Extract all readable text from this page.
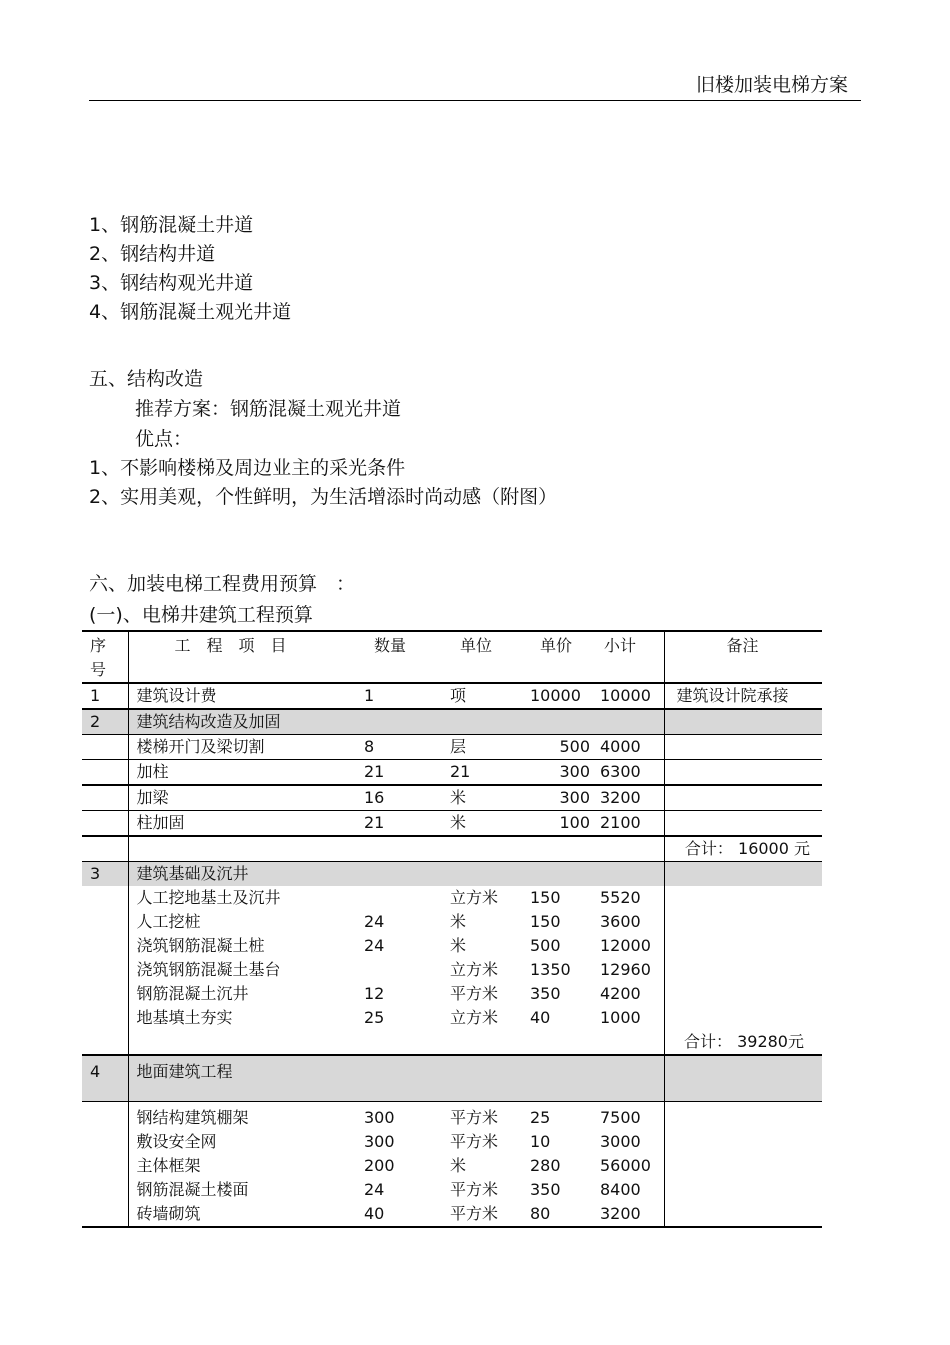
旧楼加装电梯方案
1、钢筋混凝土井道
2、钢结构井道
3、钢结构观光井道
4、钢筋混凝土观光井道
五、结构改造
推荐方案：钢筋混凝土观光井道
优点：
1、不影响楼梯及周边业主的采光条件
2、实用美观，个性鲜明，为生活增添时尚动感（附图）
六、加装电梯工程费用预算　：
(一)、电梯井建筑工程预算
序
号	工　程　项　目	数量	单位	单价	小计	备注
1	建筑设计费	1	项	10000	10000	建筑设计院承接
2	建筑结构改造及加固					
	楼梯开门及梁切割	8	层	500	4000	
	加柱	21	21	300	6300	
	加梁	16	米	300	3200	
	柱加固	21	米	100	2100	
						合计： 16000 元
3	建筑基础及沉井					
	人工挖地基土及沉井		立方米	150	5520	
	人工挖桩	24	米	150	3600	
	浇筑钢筋混凝土桩	24	米	500	12000	
	浇筑钢筋混凝土基台		立方米	1350	12960	
	钢筋混凝土沉井	12	平方米	350	4200	
	地基填土夯实	25	立方米	40	1000	
						合计： 39280元
4	地面建筑工程					
	钢结构建筑棚架	300	平方米	25	7500	
	敷设安全网	300	平方米	10	3000	
	主体框架	200	米	280	56000	
	钢筋混凝土楼面	24	平方米	350	8400	
	砖墙砌筑	40	平方米	80	3200	
